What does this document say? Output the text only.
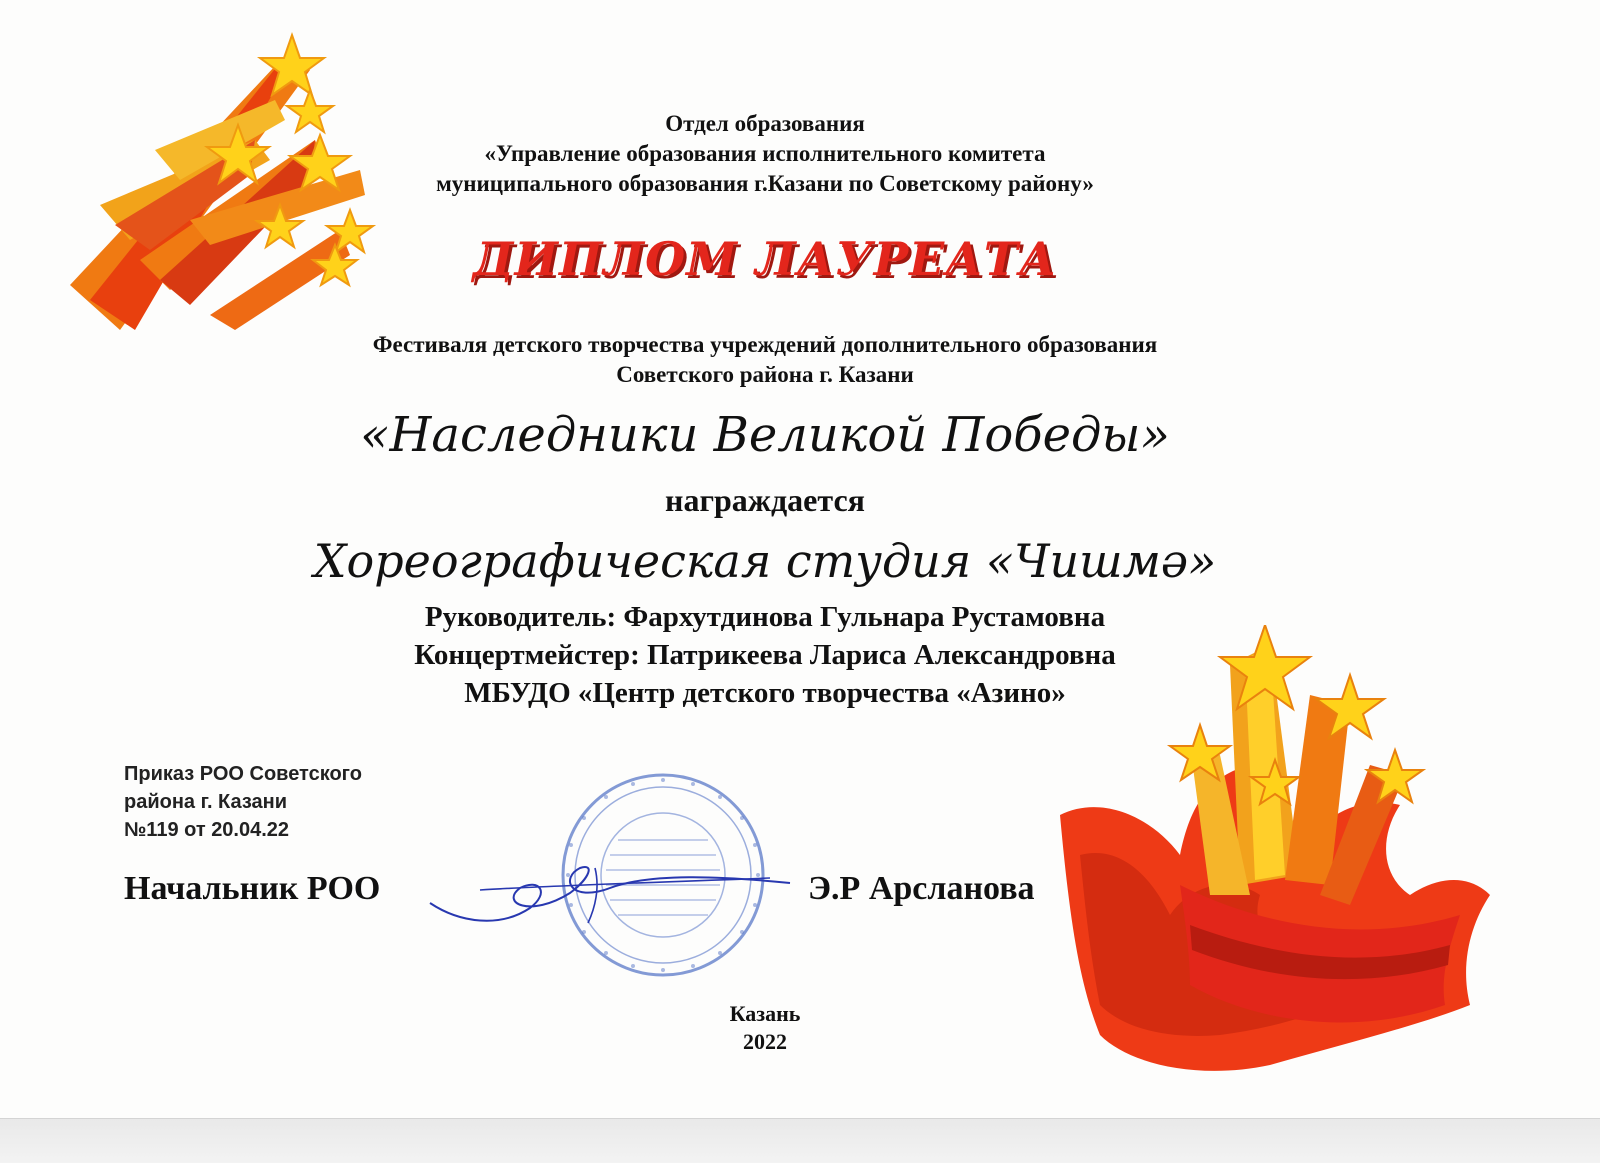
Отдел образования
«Управление образования исполнительного комитета
муниципального образования г.Казани по Советскому району»
ДИПЛОМ ЛАУРЕАТА
Фестиваля детского творчества учреждений дополнительного образования
Советского района г. Казани
«Наследники Великой Победы»
награждается
Хореографическая студия «Чишмә»
Руководитель: Фархутдинова Гульнара Рустамовна
Концертмейстер: Патрикеева Лариса Александровна
МБУДО «Центр детского творчества «Азино»
Приказ РОО Советского
района г. Казани
№119 от 20.04.22
Начальник РОО	Э.Р Арсланова
Казань
2022
